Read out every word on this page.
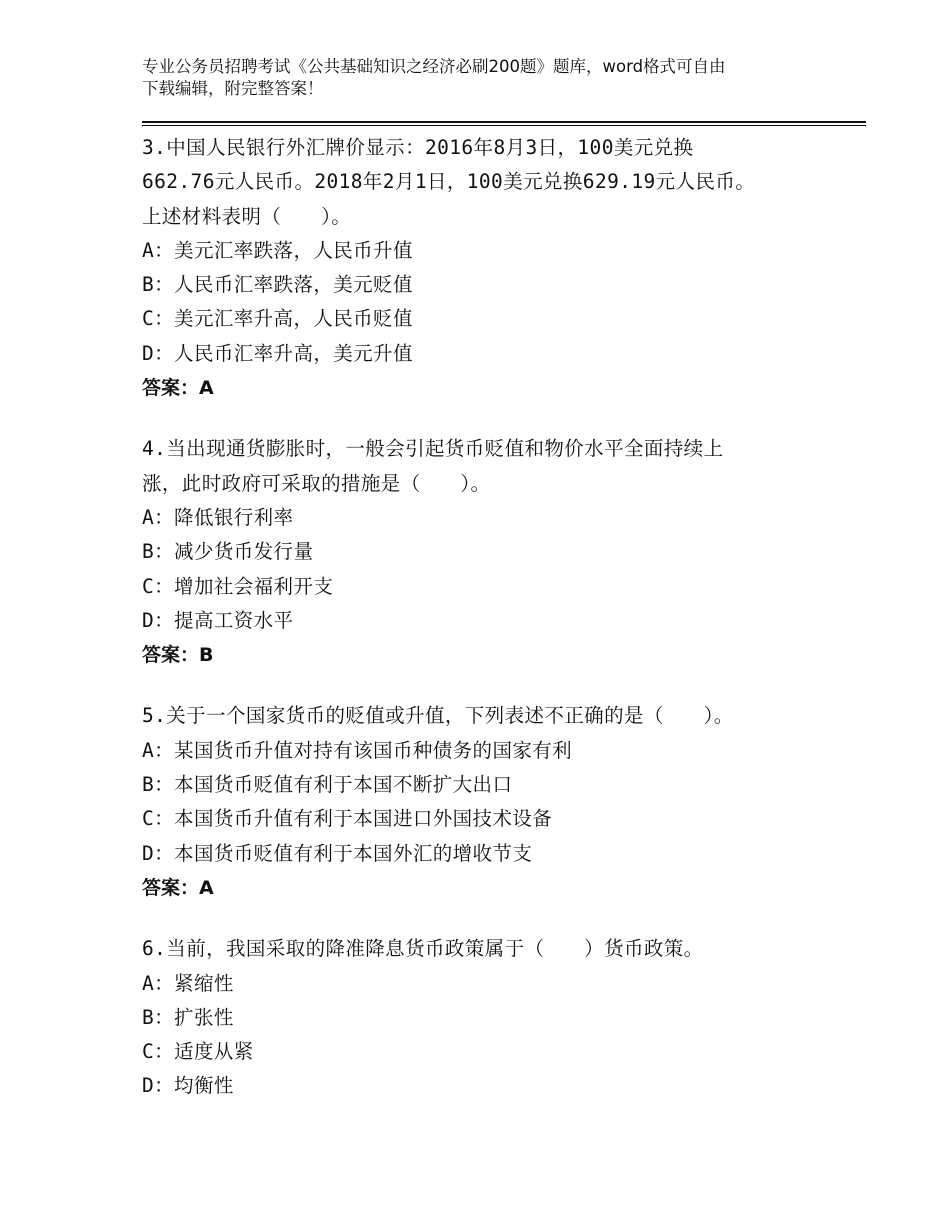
专业公务员招聘考试《公共基础知识之经济必刷200题》题库，word格式可自由
下载编辑，附完整答案！
3.中国人民银行外汇牌价显示：2016年8月3日，100美元兑换
662.76元人民币。2018年2月1日，100美元兑换629.19元人民币。
上述材料表明（　　）。
A：美元汇率跌落，人民币升值
B：人民币汇率跌落，美元贬值
C：美元汇率升高，人民币贬值
D：人民币汇率升高，美元升值
答案：A
4.当出现通货膨胀时，一般会引起货币贬值和物价水平全面持续上
涨，此时政府可采取的措施是（　　）。
A：降低银行利率
B：减少货币发行量
C：增加社会福利开支
D：提高工资水平
答案：B
5.关于一个国家货币的贬值或升值，下列表述不正确的是（　　）。
A：某国货币升值对持有该国币种债务的国家有利
B：本国货币贬值有利于本国不断扩大出口
C：本国货币升值有利于本国进口外国技术设备
D：本国货币贬值有利于本国外汇的增收节支
答案：A
6.当前，我国采取的降准降息货币政策属于（　　）货币政策。
A：紧缩性
B：扩张性
C：适度从紧
D：均衡性
